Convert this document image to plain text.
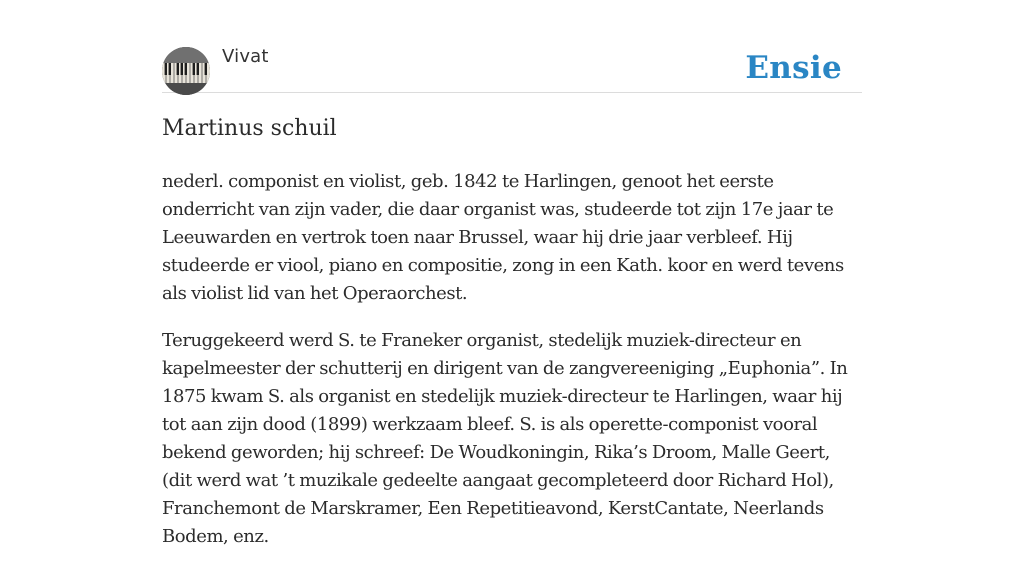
Vivat	Ensie
Martinus schuil

nederl. componist en violist, geb. 1842 te Harlingen, genoot het eerste onderricht van zijn vader, die daar organist was, studeerde tot zijn 17e jaar te Leeuwarden en vertrok toen naar Brussel, waar hij drie jaar verbleef. Hij studeerde er viool, piano en compositie, zong in een Kath. koor en werd tevens als violist lid van het Operaorchest.

Teruggekeerd werd S. te Franeker organist, stedelijk muziek-directeur en kapelmeester der schutterij en dirigent van de zangvereeniging „Euphonia”. In 1875 kwam S. als organist en stedelijk muziek-directeur te Harlingen, waar hij tot aan zijn dood (1899) werkzaam bleef. S. is als operette-componist vooral bekend geworden; hij schreef: De Woudkoningin, Rika’s Droom, Malle Geert, (dit werd wat ’t muzikale gedeelte aangaat gecompleteerd door Richard Hol), Franchemont de Marskramer, Een Repetitieavond, KerstCantate, Neerlands Bodem, enz.
